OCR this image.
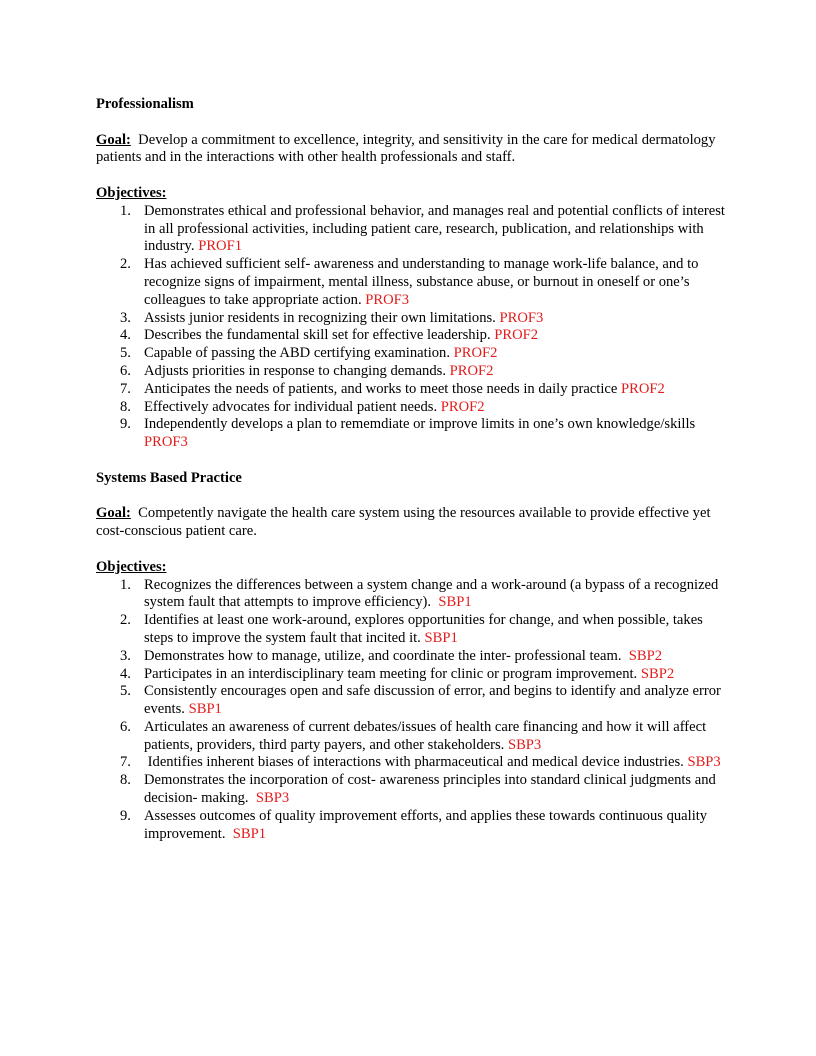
Professionalism

Goal: Develop a commitment to excellence, integrity, and sensitivity in the care for medical dermatology patients and in the interactions with other health professionals and staff.

Objectives:

1. Demonstrates ethical and professional behavior, and manages real and potential conflicts of interest in all professional activities, including patient care, research, publication, and relationships with industry. PROF1
2. Has achieved sufficient self- awareness and understanding to manage work-life balance, and to recognize signs of impairment, mental illness, substance abuse, or burnout in oneself or one’s colleagues to take appropriate action. PROF3
3. Assists junior residents in recognizing their own limitations. PROF3
4. Describes the fundamental skill set for effective leadership. PROF2
5. Capable of passing the ABD certifying examination. PROF2
6. Adjusts priorities in response to changing demands. PROF2
7. Anticipates the needs of patients, and works to meet those needs in daily practice PROF2
8. Effectively advocates for individual patient needs. PROF2
9. Independently develops a plan to rememdiate or improve limits in one’s own knowledge/skills PROF3

Systems Based Practice

Goal: Competently navigate the health care system using the resources available to provide effective yet cost-conscious patient care.

Objectives:

1. Recognizes the differences between a system change and a work-around (a bypass of a recognized system fault that attempts to improve efficiency). SBP1
2. Identifies at least one work-around, explores opportunities for change, and when possible, takes steps to improve the system fault that incited it. SBP1
3. Demonstrates how to manage, utilize, and coordinate the inter- professional team. SBP2
4. Participates in an interdisciplinary team meeting for clinic or program improvement. SBP2
5. Consistently encourages open and safe discussion of error, and begins to identify and analyze error events. SBP1
6. Articulates an awareness of current debates/issues of health care financing and how it will affect patients, providers, third party payers, and other stakeholders. SBP3
7. Identifies inherent biases of interactions with pharmaceutical and medical device industries. SBP3
8. Demonstrates the incorporation of cost- awareness principles into standard clinical judgments and decision- making. SBP3
9. Assesses outcomes of quality improvement efforts, and applies these towards continuous quality improvement. SBP1
